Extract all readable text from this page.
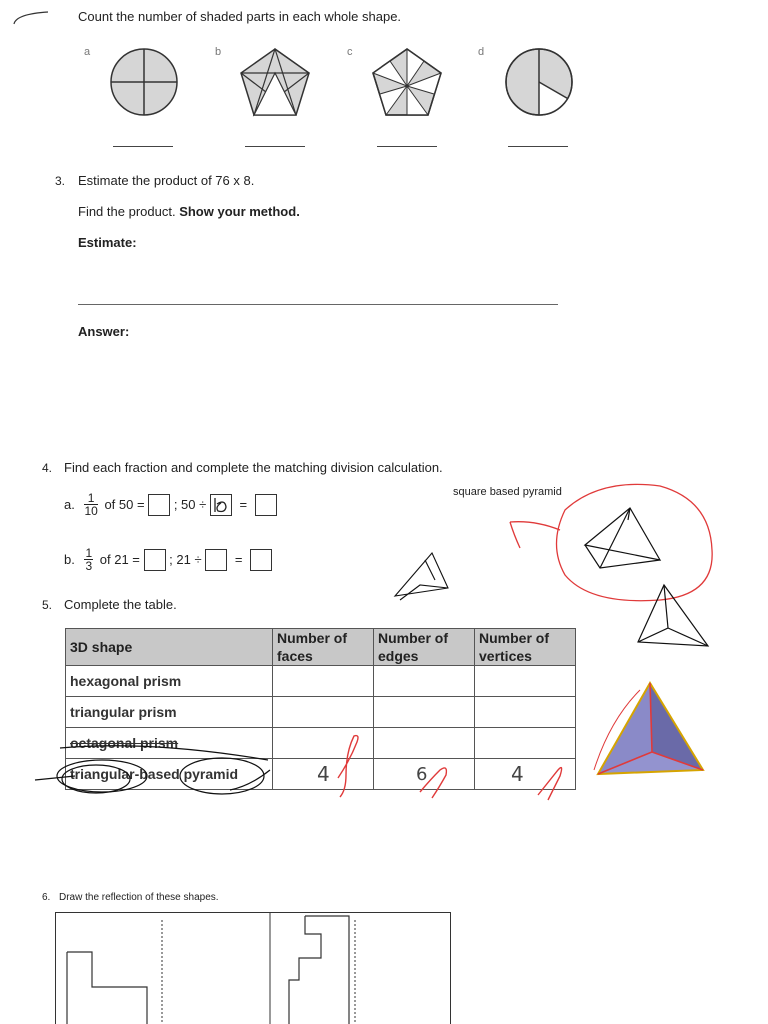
Count the number of shaded parts in each whole shape.
a	b	c	d
3. Estimate the product of 76 x 8.
Find the product. Show your method.
Estimate:
Answer:
4. Find each fraction and complete the matching division calculation.
a. $\frac{1}{10}$ of 50 = ; 50 ÷	=
b. $\frac{1}{3}$ of 21 = ; 21 ÷	=
square based pyramid
5. Complete the table.
3D shape	Number of faces	Number of edges	Number of vertices
hexagonal prism			
triangular prism			
octagonal prism			
triangular-based pyramid	4	6	4
6. Draw the reflection of these shapes.
